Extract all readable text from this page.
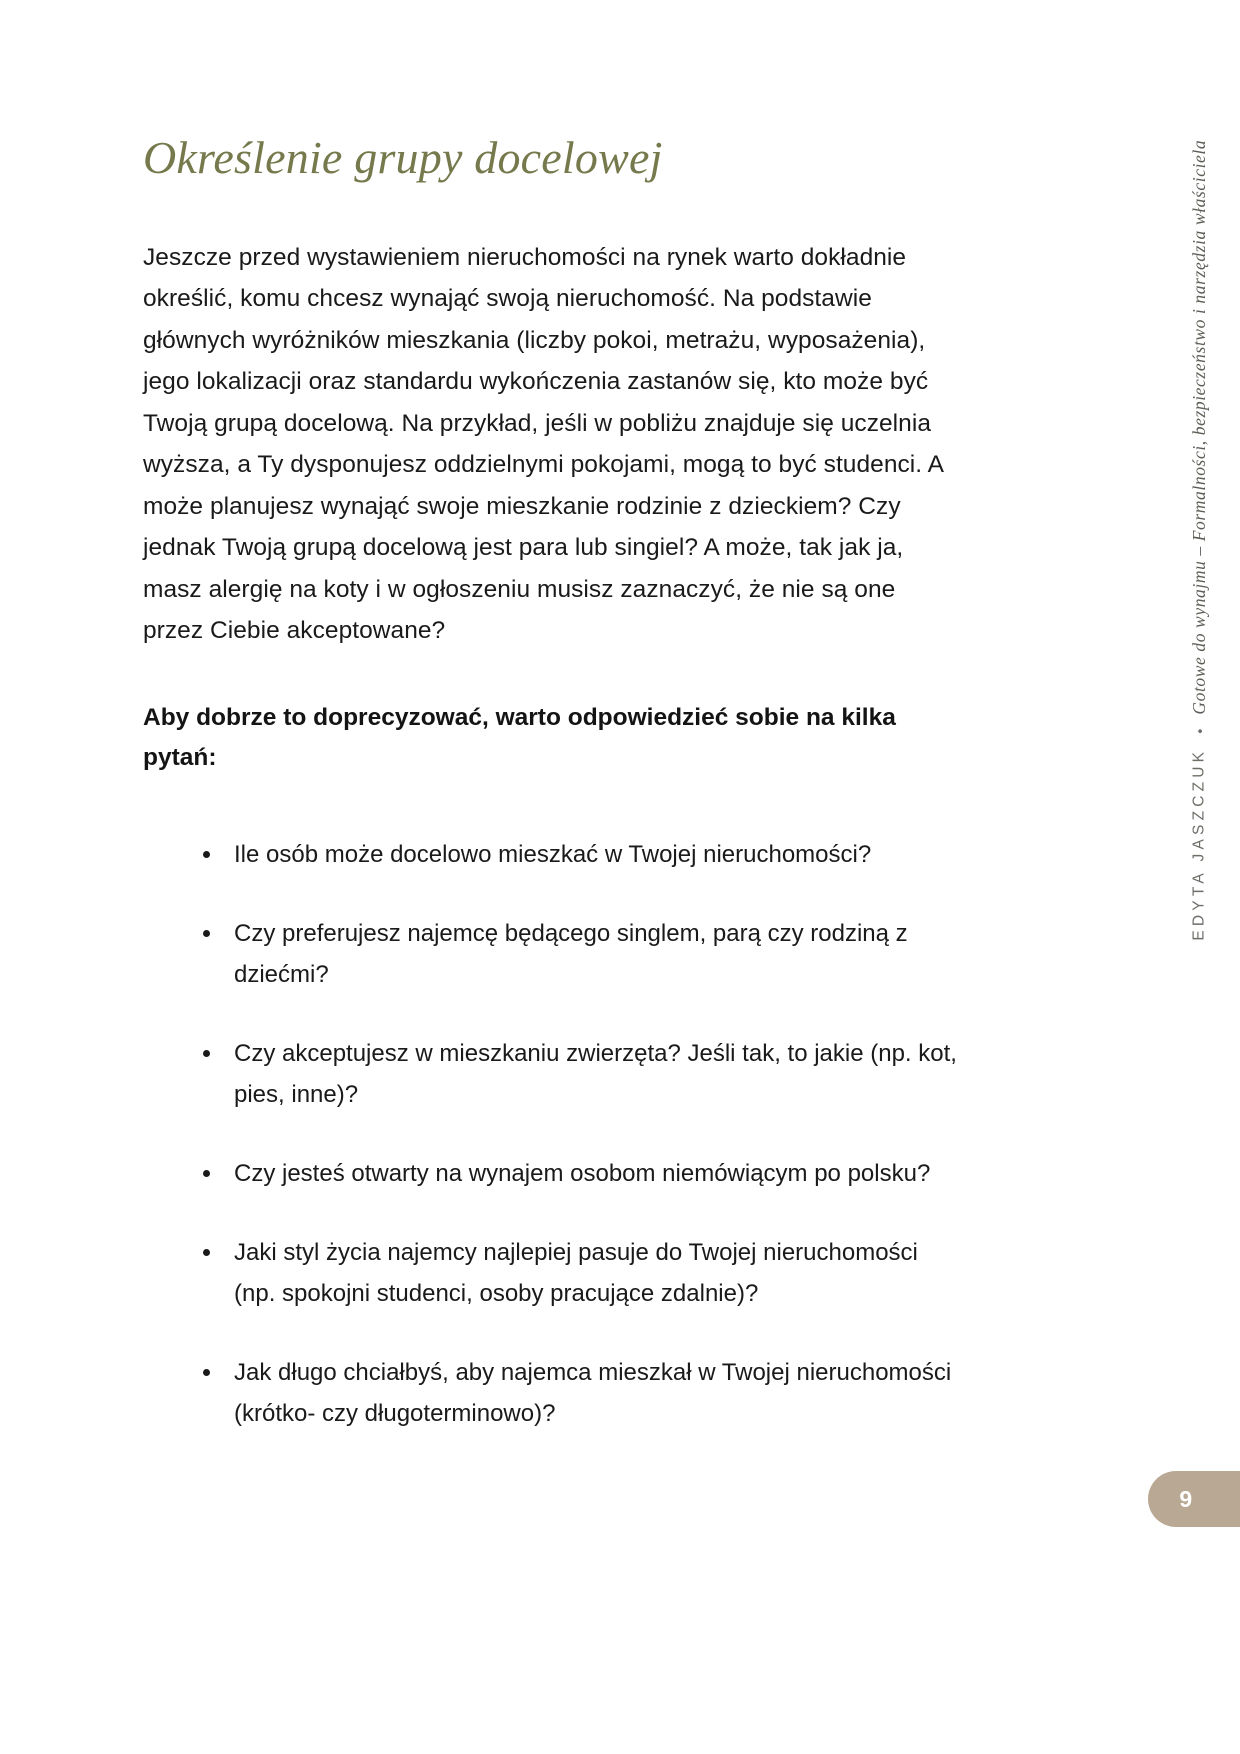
Określenie grupy docelowej

Jeszcze przed wystawieniem nieruchomości na rynek warto dokładnie określić, komu chcesz wynająć swoją nieruchomość. Na podstawie głównych wyróżników mieszkania (liczby pokoi, metrażu, wyposażenia), jego lokalizacji oraz standardu wykończenia zastanów się, kto może być Twoją grupą docelową. Na przykład, jeśli w pobliżu znajduje się uczelnia wyższa, a Ty dysponujesz oddzielnymi pokojami, mogą to być studenci. A może planujesz wynająć swoje mieszkanie rodzinie z dzieckiem? Czy jednak Twoją grupą docelową jest para lub singiel? A może, tak jak ja, masz alergię na koty i w ogłoszeniu musisz zaznaczyć, że nie są one przez Ciebie akceptowane?

Aby dobrze to doprecyzować, warto odpowiedzieć sobie na kilka pytań:

Ile osób może docelowo mieszkać w Twojej nieruchomości?
Czy preferujesz najemcę będącego singlem, parą czy rodziną z dziećmi?
Czy akceptujesz w mieszkaniu zwierzęta? Jeśli tak, to jakie (np. kot, pies, inne)?
Czy jesteś otwarty na wynajem osobom niemówiącym po polsku?
Jaki styl życia najemcy najlepiej pasuje do Twojej nieruchomości (np. spokojni studenci, osoby pracujące zdalnie)?
Jak długo chciałbyś, aby najemca mieszkał w Twojej nieruchomości (krótko- czy długoterminowo)?
EDYTA JASZCZUK
•
Gotowe do wynajmu – Formalności, bezpieczeństwo i narzędzia właściciela
9
